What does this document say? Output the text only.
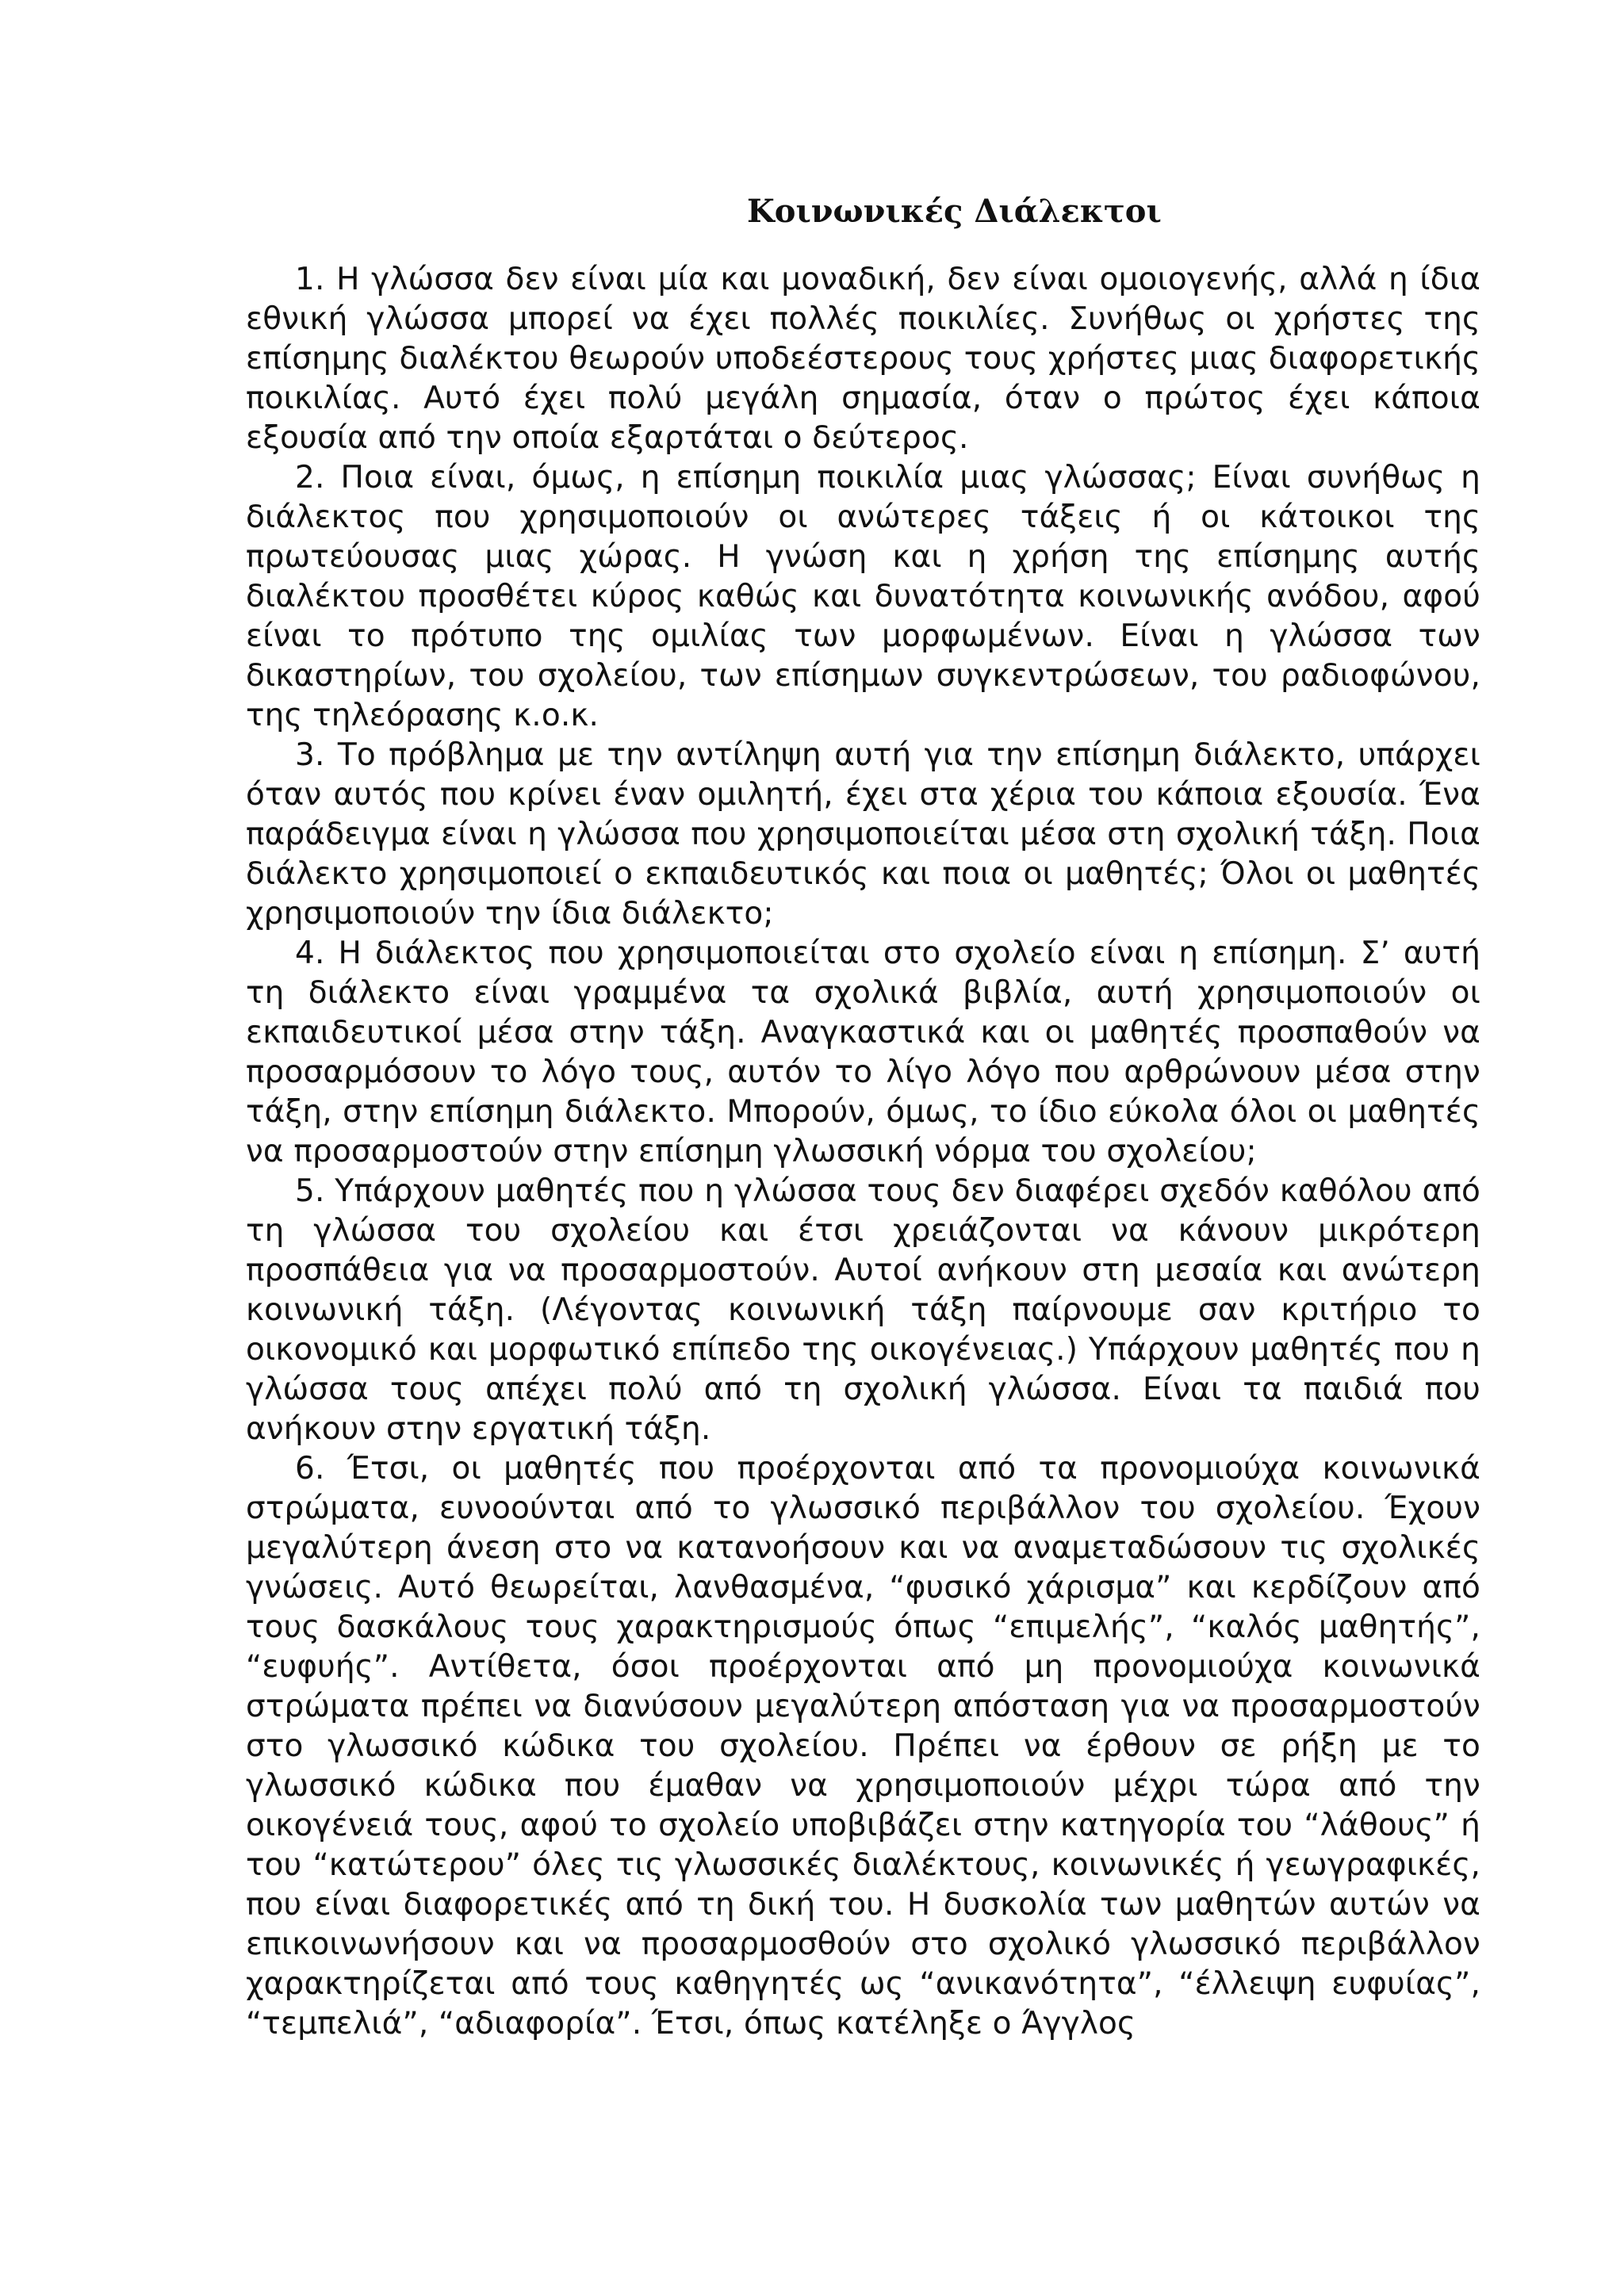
Κοινωνικές Διάλεκτοι

1. Η γλώσσα δεν είναι μία και μοναδική, δεν είναι ομοιογενής, αλλά η ίδια εθνική γλώσσα μπορεί να έχει πολλές ποικιλίες. Συνήθως οι χρήστες της επίσημης διαλέκτου θεωρούν υποδεέστερους τους χρήστες μιας διαφορετικής ποικιλίας. Αυτό έχει πολύ μεγάλη σημασία, όταν ο πρώτος έχει κάποια εξουσία από την οποία εξαρτάται ο δεύτερος.

2. Ποια είναι, όμως, η επίσημη ποικιλία μιας γλώσσας; Είναι συνήθως η διάλεκτος που χρησιμοποιούν οι ανώτερες τάξεις ή οι κάτοικοι της πρωτεύουσας μιας χώρας. Η γνώση και η χρήση της επίσημης αυτής διαλέκτου προσθέτει κύρος καθώς και δυνατότητα κοινωνικής ανόδου, αφού είναι το πρότυπο της ομιλίας των μορφωμένων. Είναι η γλώσσα των δικαστηρίων, του σχολείου, των επίσημων συγκεντρώσεων, του ραδιοφώνου, της τηλεόρασης κ.ο.κ.

3. Το πρόβλημα με την αντίληψη αυτή για την επίσημη διάλεκτο, υπάρχει όταν αυτός που κρίνει έναν ομιλητή, έχει στα χέρια του κάποια εξουσία. Ένα παράδειγμα είναι η γλώσσα που χρησιμοποιείται μέσα στη σχολική τάξη. Ποια διάλεκτο χρησιμοποιεί ο εκπαιδευτικός και ποια οι μαθητές; Όλοι οι μαθητές χρησιμοποιούν την ίδια διάλεκτο;

4. Η διάλεκτος που χρησιμοποιείται στο σχολείο είναι η επίσημη. Σ’ αυτή τη διάλεκτο είναι γραμμένα τα σχολικά βιβλία, αυτή χρησιμοποιούν οι εκπαιδευτικοί μέσα στην τάξη. Αναγκαστικά και οι μαθητές προσπαθούν να προσαρμόσουν το λόγο τους, αυτόν το λίγο λόγο που αρθρώνουν μέσα στην τάξη, στην επίσημη διάλεκτο. Μπορούν, όμως, το ίδιο εύκολα όλοι οι μαθητές να προσαρμοστούν στην επίσημη γλωσσική νόρμα του σχολείου;

5. Υπάρχουν μαθητές που η γλώσσα τους δεν διαφέρει σχεδόν καθόλου από τη γλώσσα του σχολείου και έτσι χρειάζονται να κάνουν μικρότερη προσπάθεια για να προσαρμοστούν. Αυτοί ανήκουν στη μεσαία και ανώτερη κοινωνική τάξη. (Λέγοντας κοινωνική τάξη παίρνουμε σαν κριτήριο το οικονομικό και μορφωτικό επίπεδο της οικογένειας.) Υπάρχουν μαθητές που η γλώσσα τους απέχει πολύ από τη σχολική γλώσσα. Είναι τα παιδιά που ανήκουν στην εργατική τάξη.

6. Έτσι, οι μαθητές που προέρχονται από τα προνομιούχα κοινωνικά στρώματα, ευνοούνται από το γλωσσικό περιβάλλον του σχολείου. Έχουν μεγαλύτερη άνεση στο να κατανοήσουν και να αναμεταδώσουν τις σχολικές γνώσεις. Αυτό θεωρείται, λανθασμένα, “φυσικό χάρισμα” και κερδίζουν από τους δασκάλους τους χαρακτηρισμούς όπως “επιμελής”, “καλός μαθητής”, “ευφυής”. Αντίθετα, όσοι προέρχονται από μη προνομιούχα κοινωνικά στρώματα πρέπει να διανύσουν μεγαλύτερη απόσταση για να προσαρμοστούν στο γλωσσικό κώδικα του σχολείου. Πρέπει να έρθουν σε ρήξη με το γλωσσικό κώδικα που έμαθαν να χρησιμοποιούν μέχρι τώρα από την οικογένειά τους, αφού το σχολείο υποβιβάζει στην κατηγορία του “λάθους” ή του “κατώτερου” όλες τις γλωσσικές διαλέκτους, κοινωνικές ή γεωγραφικές, που είναι διαφορετικές από τη δική του. Η δυσκολία των μαθητών αυτών να επικοινωνήσουν και να προσαρμοσθούν στο σχολικό γλωσσικό περιβάλλον χαρακτηρίζεται από τους καθηγητές ως “ανικανότητα”, “έλλειψη ευφυίας”, “τεμπελιά”, “αδιαφορία”. Έτσι, όπως κατέληξε ο Άγγλος
